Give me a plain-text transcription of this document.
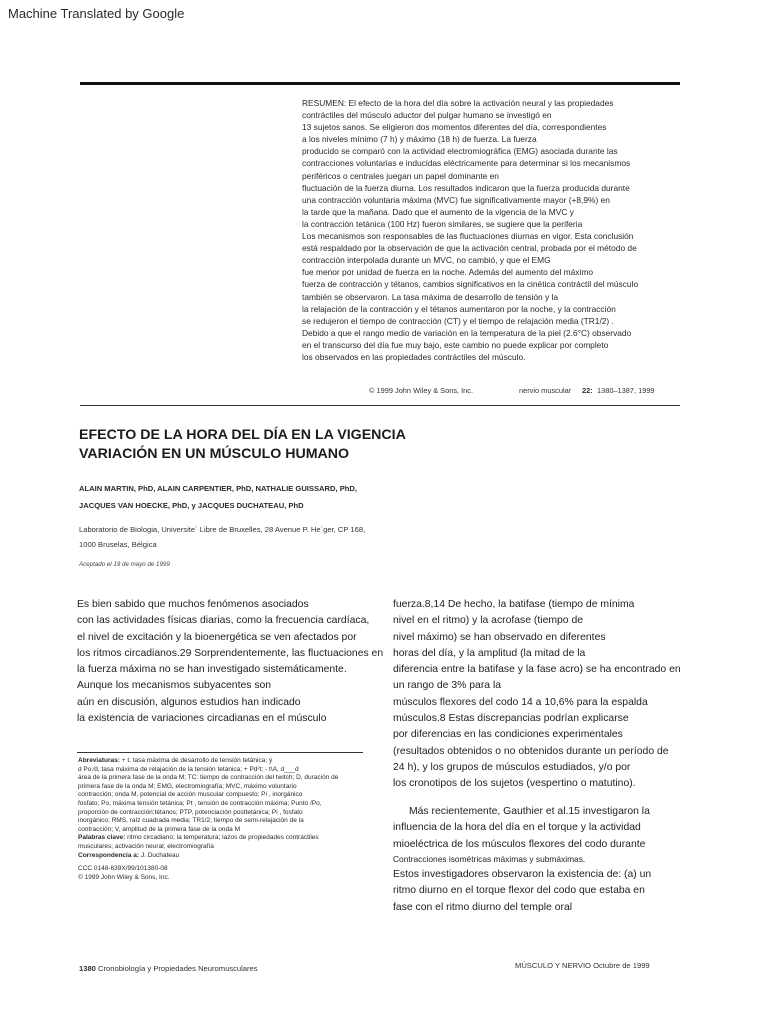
Machine Translated by Google
RESUMEN: El efecto de la hora del día sobre la activación neural y las propiedades
contráctiles del músculo aductor del pulgar humano se investigó en
13 sujetos sanos. Se eligieron dos momentos diferentes del día, correspondientes
a los niveles mínimo (7 h) y máximo (18 h) de fuerza. La fuerza
producido se comparó con la actividad electromiográfica (EMG) asociada durante las
contracciones voluntarias e inducidas eléctricamente para determinar si los mecanismos
periféricos o centrales juegan un papel dominante en
fluctuación de la fuerza diurna. Los resultados indicaron que la fuerza producida durante
una contracción voluntaria máxima (MVC) fue significativamente mayor (+8,9%) en
la tarde que la mañana. Dado que el aumento de la vigencia de la MVC y
la contracción tetánica (100 Hz) fueron similares, se sugiere que la periferia
Los mecanismos son responsables de las fluctuaciones diurnas en vigor. Esta conclusión
está respaldado por la observación de que la activación central, probada por el método de
contracción interpolada durante un MVC, no cambió, y que el EMG
fue menor por unidad de fuerza en la noche. Además del aumento del máximo
fuerza de contracción y tétanos, cambios significativos en la cinética contráctil del músculo
también se observaron. La tasa máxima de desarrollo de tensión y la
la relajación de la contracción y el tétanos aumentaron por la noche, y la contracción
se redujeron el tiempo de contracción (CT) y el tiempo de relajación media (TR1/2) .
Debido a que el rango medio de variación en la temperatura de la piel (2.6°C) observado
en el transcurso del día fue muy bajo, este cambio no puede explicar por completo
los observados en las propiedades contráctiles del músculo.
© 1999 John Wiley & Sons, Inc.	nervio muscular 22: 1380–1387, 1999
EFECTO DE LA HORA DEL DÍA EN LA VIGENCIA
VARIACIÓN EN UN MÚSCULO HUMANO
ALAIN MARTIN, PhD, ALAIN CARPENTIER, PhD, NATHALIE GUISSARD, PhD,
JACQUES VAN HOECKE, PhD, y JACQUES DUCHATEAU, PhD
Laboratorio de Biologia, Universite´ Libre de Bruxelles, 28 Avenue P. He´ger, CP 168,
1000 Bruselas, Bélgica
Aceptado el 19 de mayo de 1999
Es bien sabido que muchos fenómenos asociados
con las actividades físicas diarias, como la frecuencia cardíaca,
el nivel de excitación y la bioenergética se ven afectados por
los ritmos circadianos.29 Sorprendentemente, las fluctuaciones en
la fuerza máxima no se han investigado sistemáticamente.
Aunque los mecanismos subyacentes son
aún en discusión, algunos estudios han indicado
la existencia de variaciones circadianas en el músculo
fuerza.8,14 De hecho, la batifase (tiempo de mínima
nivel en el ritmo) y la acrofase (tiempo de
nivel máximo) se han observado en diferentes
horas del día, y la amplitud (la mitad de la
diferencia entre la batifase y la fase acro) se ha encontrado en
un rango de 3% para la
músculos flexores del codo 14 a 10,6% para la espalda
músculos.8 Estas discrepancias podrían explicarse
por diferencias en las condiciones experimentales
(resultados obtenidos o no obtenidos durante un período de
24 h), y los grupos de músculos estudiados, y/o por
los cronotipos de los sujetos (vespertino o matutino).
Más recientemente, Gauthier et al.15 investigaron la
influencia de la hora del día en el torque y la actividad
mioeléctrica de los músculos flexores del codo durante
Contracciones isométricas máximas y submáximas.
Estos investigadores observaron la existencia de: (a) un
ritmo diurno en el torque flexor del codo que estaba en
fase con el ritmo diurno del temple oral
Abreviaturas: + t. tasa máxima de desarrollo de tensión tetánica; ẏ
d Po ⁄d, tasa máxima de relajación de la tensión tetánica; + Pd²t; - t\A, d___d
área de la primera fase de la onda M; TC: tiempo de contracción del twitch; D, duración de
primera fase de la onda M; EMG, electromiografía; MVC, máximo voluntario
contracción; onda M, potencial de acción muscular compuesto; Pi , inorgánico
fosfato; Po, máxima tensión tetánica; Pt , tensión de contracción máxima; Punto /Po,
proporción de contracción:tétanos; PTP, potenciación posttetánica; Pi , fosfato
inorgánico; RMS, raíz cuadrada media; TR1/2, tiempo de semi-relajación de la
contracción; V, amplitud de la primera fase de la onda M
Palabras clave: ritmo circadiano; la temperatura; lazos de propiedades contráctiles
musculares; activación neural; electromiografía
Correspondencia a: J. Duchateau
CCC 0148-639X/99/101380-08
© 1999 John Wiley & Sons, Inc.
1380 Cronobiología y Propiedades Neuromusculares	MÚSCULO Y NERVIO Octubre de 1999
